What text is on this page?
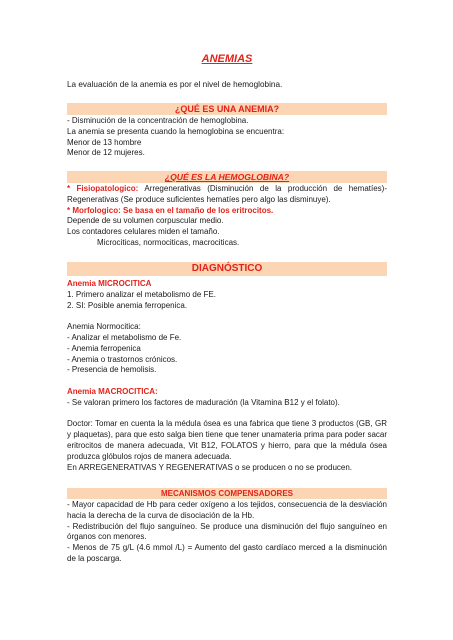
ANEMIAS
La evaluación de la anemia es por el nivel de hemoglobina.
¿QUÉ ES UNA ANEMIA?
- Disminución de la concentración de hemoglobina.
La anemia se presenta cuando la hemoglobina se encuentra:
Menor de 13 hombre
Menor de 12 mujeres.
¿QUÉ ES LA HEMOGLOBINA?
* Fisiopatologico: Arregenerativas (Disminución de la producción de hematíes)- Regenerativas (Se produce suficientes hematíes pero algo las disminuye).
* Morfologico: Se basa en el tamaño de los eritrocitos.
Depende de su volumen corpuscular medio.
Los contadores celulares miden el tamaño.
Microciticas, normociticas, macrociticas.
DIAGNÓSTICO
Anemia MICROCITICA
1. Primero analizar el metabolismo de FE.
2. SI: Posible anemia ferropenica.
Anemia Normocitica:
- Analizar el metabolismo de Fe.
- Anemia ferropenica
- Anemia o trastornos crónicos.
- Presencia de hemolisis.
Anemia MACROCITICA:
- Se valoran primero los factores de maduración (la Vitamina B12 y el folato).
Doctor: Tomar en cuenta la la médula ósea es una fabrica que tiene 3 productos (GB, GR y plaquetas), para que esto salga bien tiene que tener unamateria prima para poder sacar eritrocitos de manera adecuada, Vit B12, FOLATOS y hierro, para que la médula ósea produzca glóbulos rojos de manera adecuada.
En ARREGENERATIVAS Y REGENERATIVAS o se producen o no se producen.
MECANISMOS COMPENSADORES
- Mayor capacidad de Hb para ceder oxígeno a los tejidos, consecuencia de la desviación hacia la derecha de la curva de disociación de la Hb.
- Redistribución del flujo sanguíneo. Se produce una disminución del flujo sanguíneo en órganos con menores.
- Menos de 75 g/L (4.6 mmol /L) = Aumento del gasto cardíaco merced a la disminución de la poscarga.
